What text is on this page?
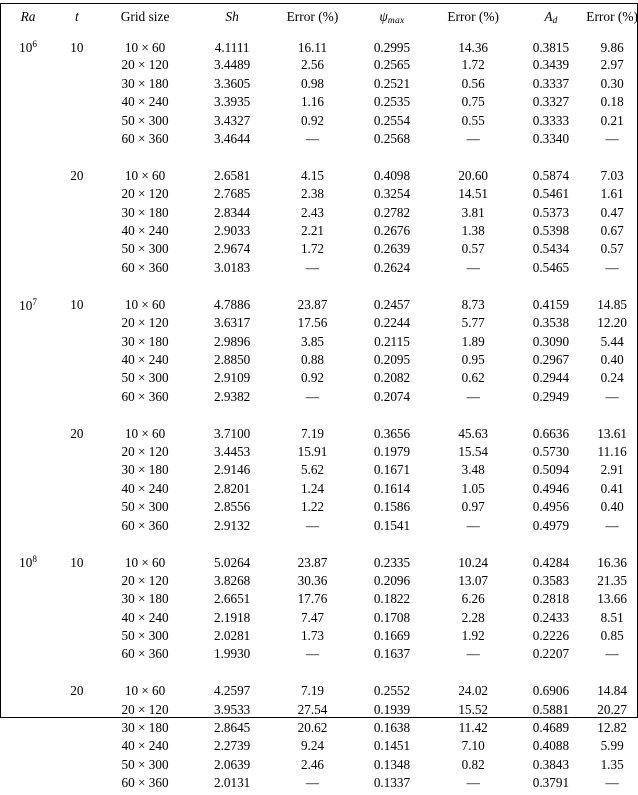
Ra	t	Grid size	Sh	Error (%)	$\psi_{max}$	Error (%)	$A_d$	Error (%)
$10^6$	10	10 × 60	4.1111	16.11	0.2995	14.36	0.3815	9.86
		20 × 120	3.4489	2.56	0.2565	1.72	0.3439	2.97
		30 × 180	3.3605	0.98	0.2521	0.56	0.3337	0.30
		40 × 240	3.3935	1.16	0.2535	0.75	0.3327	0.18
		50 × 300	3.4327	0.92	0.2554	0.55	0.3333	0.21
		60 × 360	3.4644	—	0.2568	—	0.3340	—

	20	10 × 60	2.6581	4.15	0.4098	20.60	0.5874	7.03
		20 × 120	2.7685	2.38	0.3254	14.51	0.5461	1.61
		30 × 180	2.8344	2.43	0.2782	3.81	0.5373	0.47
		40 × 240	2.9033	2.21	0.2676	1.38	0.5398	0.67
		50 × 300	2.9674	1.72	0.2639	0.57	0.5434	0.57
		60 × 360	3.0183	—	0.2624	—	0.5465	—

$10^7$	10	10 × 60	4.7886	23.87	0.2457	8.73	0.4159	14.85
		20 × 120	3.6317	17.56	0.2244	5.77	0.3538	12.20
		30 × 180	2.9896	3.85	0.2115	1.89	0.3090	5.44
		40 × 240	2.8850	0.88	0.2095	0.95	0.2967	0.40
		50 × 300	2.9109	0.92	0.2082	0.62	0.2944	0.24
		60 × 360	2.9382	—	0.2074	—	0.2949	—

	20	10 × 60	3.7100	7.19	0.3656	45.63	0.6636	13.61
		20 × 120	3.4453	15.91	0.1979	15.54	0.5730	11.16
		30 × 180	2.9146	5.62	0.1671	3.48	0.5094	2.91
		40 × 240	2.8201	1.24	0.1614	1.05	0.4946	0.41
		50 × 300	2.8556	1.22	0.1586	0.97	0.4956	0.40
		60 × 360	2.9132	—	0.1541	—	0.4979	—

$10^8$	10	10 × 60	5.0264	23.87	0.2335	10.24	0.4284	16.36
		20 × 120	3.8268	30.36	0.2096	13.07	0.3583	21.35
		30 × 180	2.6651	17.76	0.1822	6.26	0.2818	13.66
		40 × 240	2.1918	7.47	0.1708	2.28	0.2433	8.51
		50 × 300	2.0281	1.73	0.1669	1.92	0.2226	0.85
		60 × 360	1.9930	—	0.1637	—	0.2207	—

	20	10 × 60	4.2597	7.19	0.2552	24.02	0.6906	14.84
		20 × 120	3.9533	27.54	0.1939	15.52	0.5881	20.27
		30 × 180	2.8645	20.62	0.1638	11.42	0.4689	12.82
		40 × 240	2.2739	9.24	0.1451	7.10	0.4088	5.99
		50 × 300	2.0639	2.46	0.1348	0.82	0.3843	1.35
		60 × 360	2.0131	—	0.1337	—	0.3791	—
